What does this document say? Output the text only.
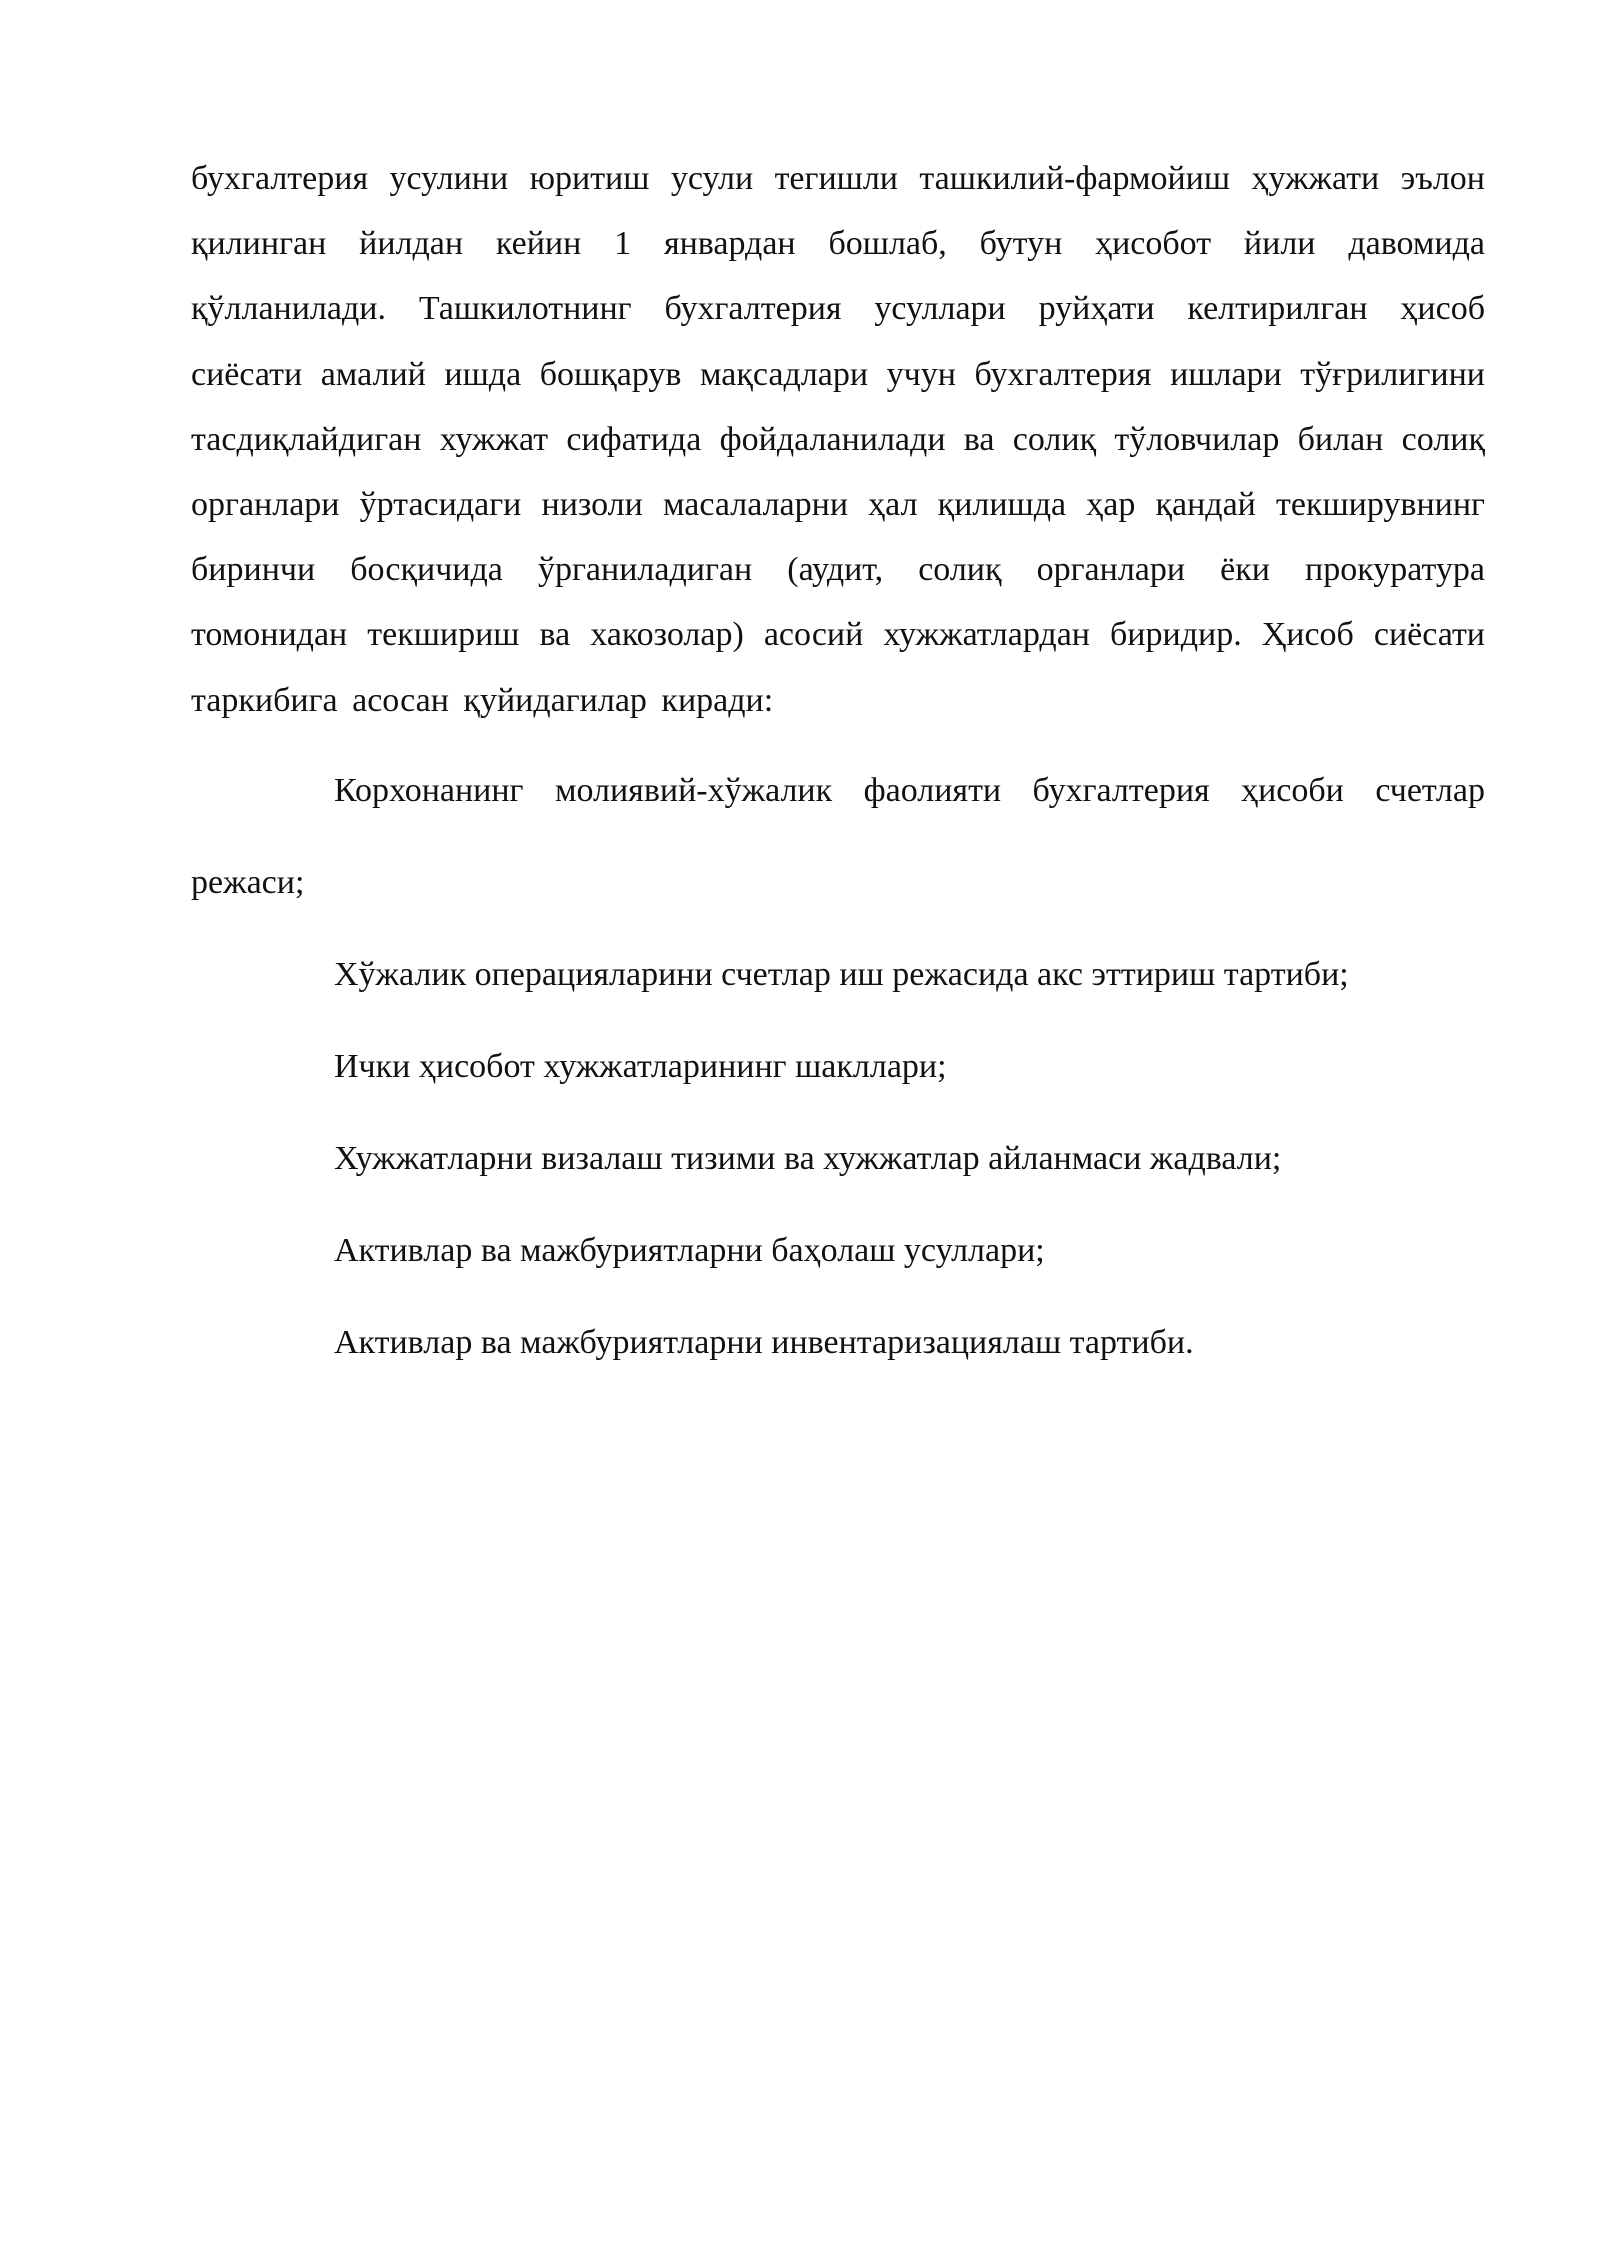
бухгалтерия усулини юритиш усули тегишли ташкилий-фармойиш ҳужжати эълон қилинган йилдан кейин 1 январдан бошлаб, бутун ҳисобот йили давомида қўлланилади. Ташкилотнинг бухгалтерия усуллари руйҳати келтирилган ҳисоб сиёсати амалий ишда бошқарув мақсадлари учун бухгалтерия ишлари тўғрилигини тасдиқлайдиган хужжат сифатида фойдаланилади ва солиқ тўловчилар билан солиқ органлари ўртасидаги низоли масалаларни ҳал қилишда ҳар қандай текширувнинг биринчи босқичида ўрганиладиган (аудит, солиқ органлари ёки прокуратура томонидан текшириш ва хакозолар) асосий хужжатлардан биридир. Ҳисоб сиёсати таркибига асосан қуйидагилар киради:

Корхонанинг молиявий-хўжалик фаолияти бухгалтерия ҳисоби счетлар режаси;

Хўжалик операцияларини счетлар иш режасида акс эттириш тартиби;

Ички ҳисобот хужжатларининг шакллари;

Хужжатларни визалаш тизими ва хужжатлар айланмаси жадвали;

Активлар ва мажбуриятларни баҳолаш усуллари;

Активлар ва мажбуриятларни инвентаризациялаш тартиби.
